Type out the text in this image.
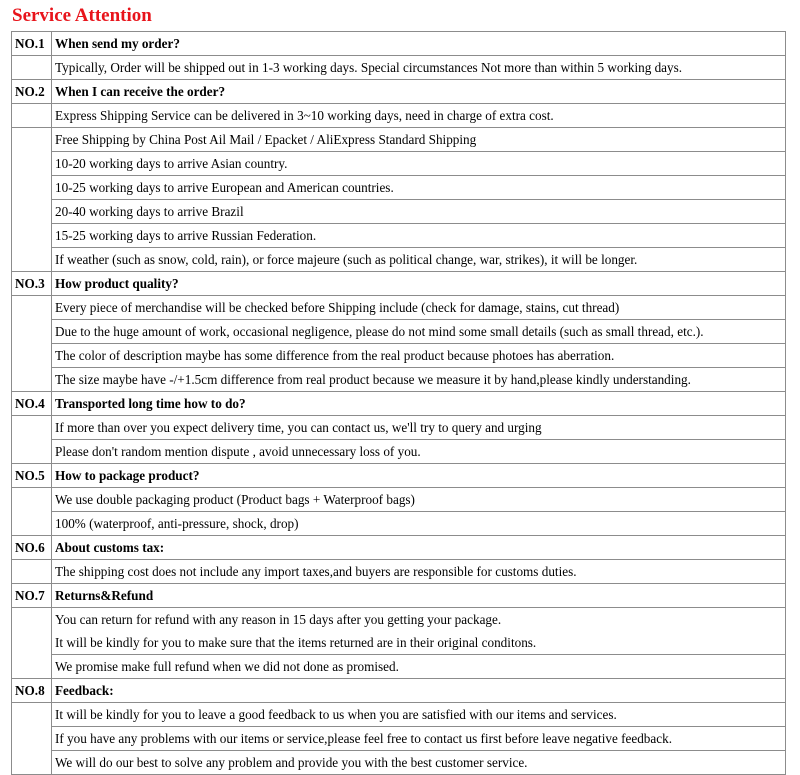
Service Attention
NO.1	When send my order?
	Typically, Order will be shipped out in 1-3 working days. Special circumstances Not more than within 5 working days.
NO.2	When I can receive the order?
	Express Shipping Service can be delivered in 3~10 working days, need in charge of extra cost.
	Free Shipping by China Post Ail Mail / Epacket / AliExpress Standard Shipping
	10-20 working days to arrive Asian country.
	10-25 working days to arrive European and American countries.
	20-40 working days to arrive Brazil
	15-25 working days to arrive Russian Federation.
	If weather (such as snow, cold, rain), or force majeure (such as political change, war, strikes), it will be longer.
NO.3	How product quality?
	Every piece of merchandise will be checked before Shipping include (check for damage, stains, cut thread)
	Due to the huge amount of work, occasional negligence, please do not mind some small details (such as small thread, etc.).
	The color of description maybe has some difference from the real product because photoes has aberration.
	The size maybe have -/+1.5cm difference from real product because we measure it by hand,please kindly understanding.
NO.4	Transported long time how to do?
	If more than over you expect delivery time, you can contact us, we'll try to query and urging
	Please don't random mention dispute , avoid unnecessary loss of you.
NO.5	How to package product?
	We use double packaging product (Product bags + Waterproof bags)
	100% (waterproof, anti-pressure, shock, drop)
NO.6	About customs tax:
	The shipping cost does not include any import taxes,and buyers are responsible for customs duties.
NO.7	Returns&Refund

	You can return for refund with any reason in 15 days after you getting your package.
It will be kindly for you to make sure that the items returned are in their original conditons.

	We promise make full refund when we did not done as promised.
NO.8	Feedback:
	It will be kindly for you to leave a good feedback to us when you are satisfied with our items and services.
	If you have any problems with our items or service,please feel free to contact us first before leave negative feedback.
	We will do our best to solve any problem and provide you with the best customer service.
